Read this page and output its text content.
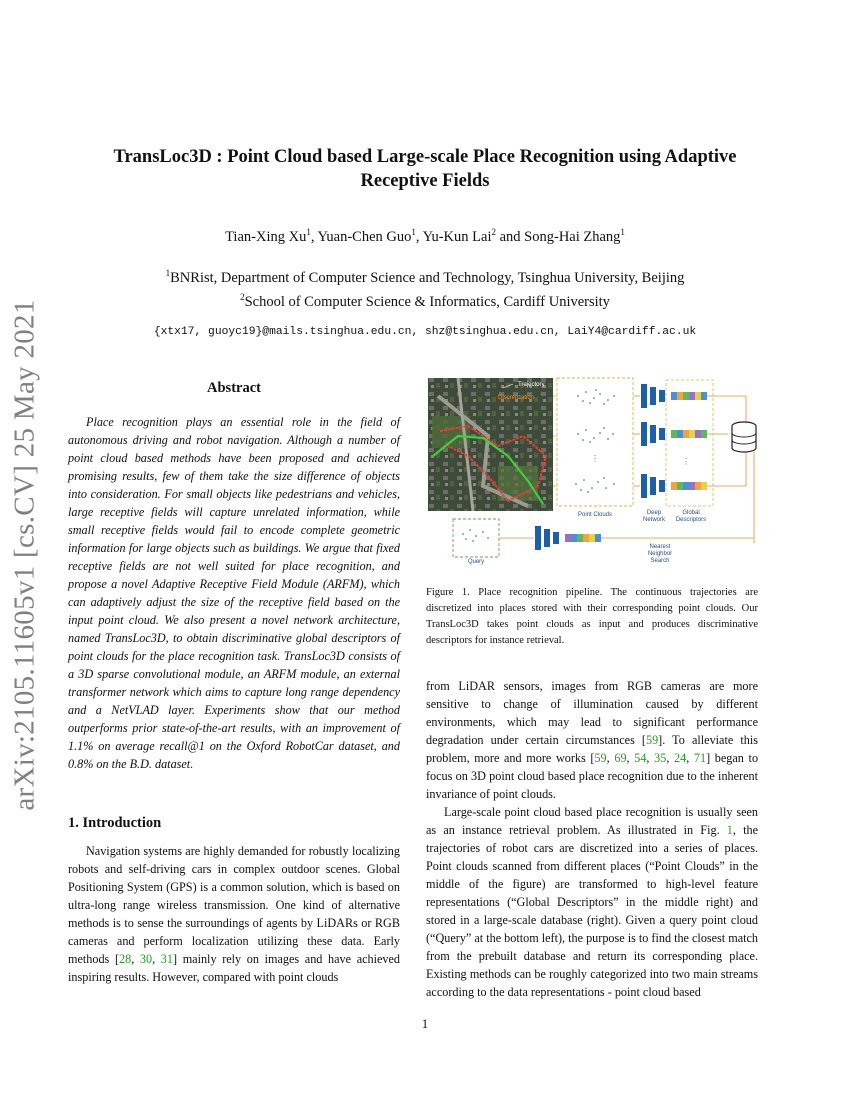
arXiv:2105.11605v1 [cs.CV] 25 May 2021
TransLoc3D : Point Cloud based Large-scale Place Recognition using Adaptive
Receptive Fields
Tian-Xing Xu$^1$, Yuan-Chen Guo$^1$, Yu-Kun Lai$^2$ and Song-Hai Zhang$^1$
$^1$BNRist, Department of Computer Science and Technology, Tsinghua University, Beijing
$^2$School of Computer Science & Informatics, Cardiff University
{xtx17, guoyc19}@mails.tsinghua.edu.cn, shz@tsinghua.edu.cn, LaiY4@cardiff.ac.uk
Abstract
Place recognition plays an essential role in the field of autonomous driving and robot navigation. Although a number of point cloud based methods have been proposed and achieved promising results, few of them take the size difference of objects into consideration. For small objects like pedestrians and vehicles, large receptive fields will capture unrelated information, while small receptive fields would fail to encode complete geometric information for large objects such as buildings. We argue that fixed receptive fields are not well suited for place recognition, and propose a novel Adaptive Receptive Field Module (ARFM), which can adaptively adjust the size of the receptive field based on the input point cloud. We also present a novel network architecture, named TransLoc3D, to obtain discriminative global descriptors of point clouds for the place recognition task. TransLoc3D consists of a 3D sparse convolutional module, an ARFM module, an external transformer network which aims to capture long range dependency and a NetVLAD layer. Experiments show that our method outperforms prior state-of-the-art results, with an improvement of 1.1% on average recall@1 on the Oxford RobotCar dataset, and 0.8% on the B.D. dataset.
1. Introduction
Navigation systems are highly demanded for robustly localizing robots and self-driving cars in complex outdoor scenes. Global Positioning System (GPS) is a common solution, which is based on ultra-long range wireless transmission. One kind of alternative methods is to sense the surroundings of agents by LiDARs or RGB cameras and perform localization utilizing these data. Early methods [28, 30, 31] mainly rely on images and have achieved inspiring results. However, compared with point clouds
Trajectory
Discretization
⋮
Point Clouds
⋮
Deep
Network
Global
Descriptors
Query
Nearest
Neighbor
Search
Figure 1. Place recognition pipeline. The continuous trajectories are discretized into places stored with their corresponding point clouds. Our TransLoc3D takes point clouds as input and produces discriminative descriptors for instance retrieval.
from LiDAR sensors, images from RGB cameras are more sensitive to change of illumination caused by different environments, which may lead to significant performance degradation under certain circumstances [59]. To alleviate this problem, more and more works [59, 69, 54, 35, 24, 71] began to focus on 3D point cloud based place recognition due to the inherent invariance of point clouds.
Large-scale point cloud based place recognition is usually seen as an instance retrieval problem. As illustrated in Fig. 1, the trajectories of robot cars are discretized into a series of places. Point clouds scanned from different places (“Point Clouds” in the middle of the figure) are transformed to high-level feature representations (“Global Descriptors” in the middle right) and stored in a large-scale database (right). Given a query point cloud (“Query” at the bottom left), the purpose is to find the closest match from the prebuilt database and return its corresponding place. Existing methods can be roughly categorized into two main streams according to the data representations - point cloud based
1
